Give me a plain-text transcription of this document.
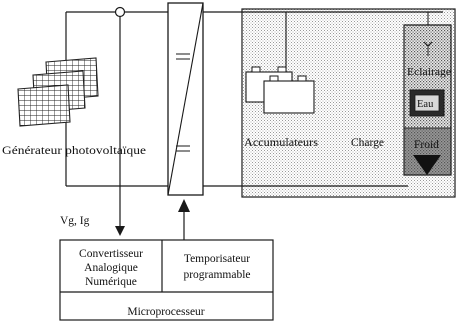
Générateur photovoltaïque
Vg, Ig
Accumulateurs	Charge
Eclairage
Eau
Froid
Convertisseur
Analogique
Numérique
Temporisateur
programmable
Microprocesseur
